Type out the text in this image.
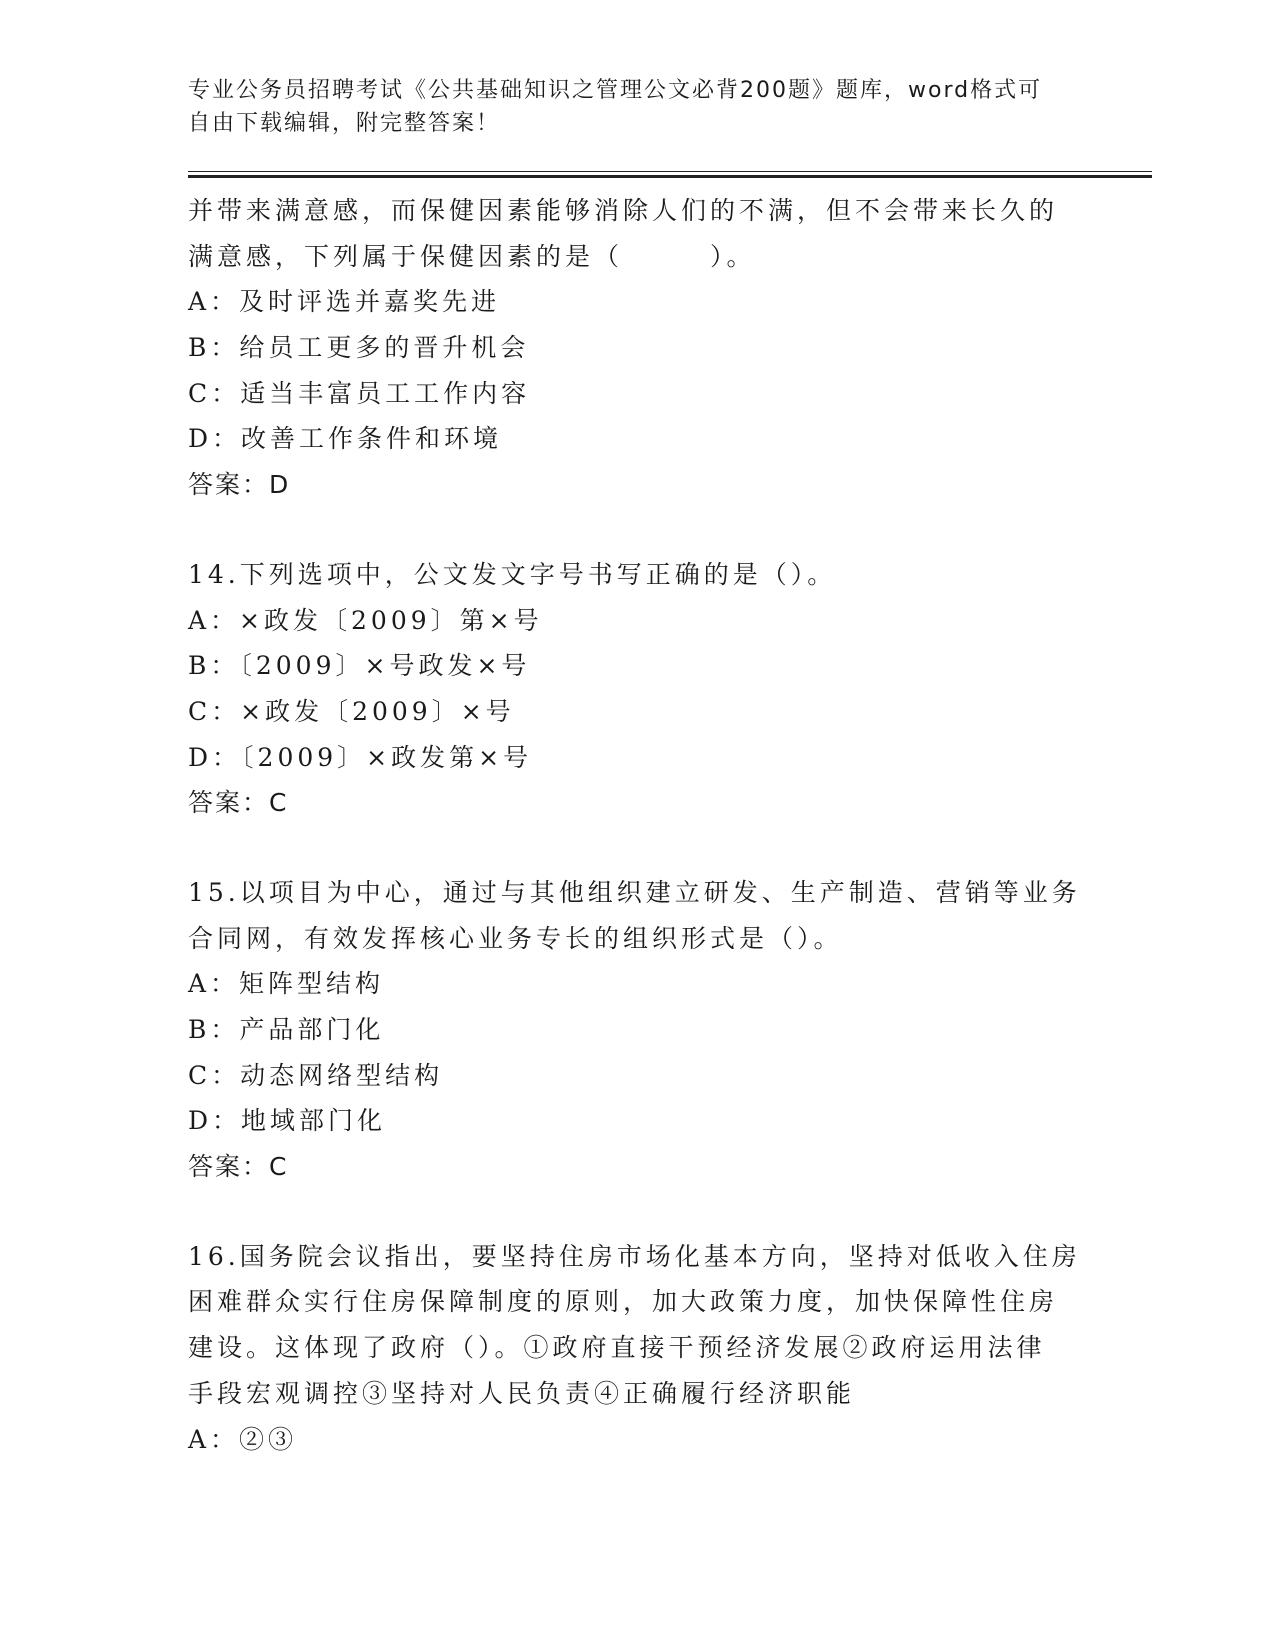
专业公务员招聘考试《公共基础知识之管理公文必背200题》题库，word格式可
自由下载编辑，附完整答案！
并带来满意感，而保健因素能够消除人们的不满，但不会带来长久的
满意感，下列属于保健因素的是（　　　）。
A：及时评选并嘉奖先进
B：给员工更多的晋升机会
C：适当丰富员工工作内容
D：改善工作条件和环境
答案：D
14.下列选项中，公文发文字号书写正确的是（）。
A：×政发〔2009〕第×号
B：〔2009〕×号政发×号
C：×政发〔2009〕×号
D：〔2009〕×政发第×号
答案：C
15.以项目为中心，通过与其他组织建立研发、生产制造、营销等业务
合同网，有效发挥核心业务专长的组织形式是（）。
A：矩阵型结构
B：产品部门化
C：动态网络型结构
D：地域部门化
答案：C
16.国务院会议指出，要坚持住房市场化基本方向，坚持对低收入住房
困难群众实行住房保障制度的原则，加大政策力度，加快保障性住房
建设。这体现了政府（）。①政府直接干预经济发展②政府运用法律
手段宏观调控③坚持对人民负责④正确履行经济职能
A：②③
